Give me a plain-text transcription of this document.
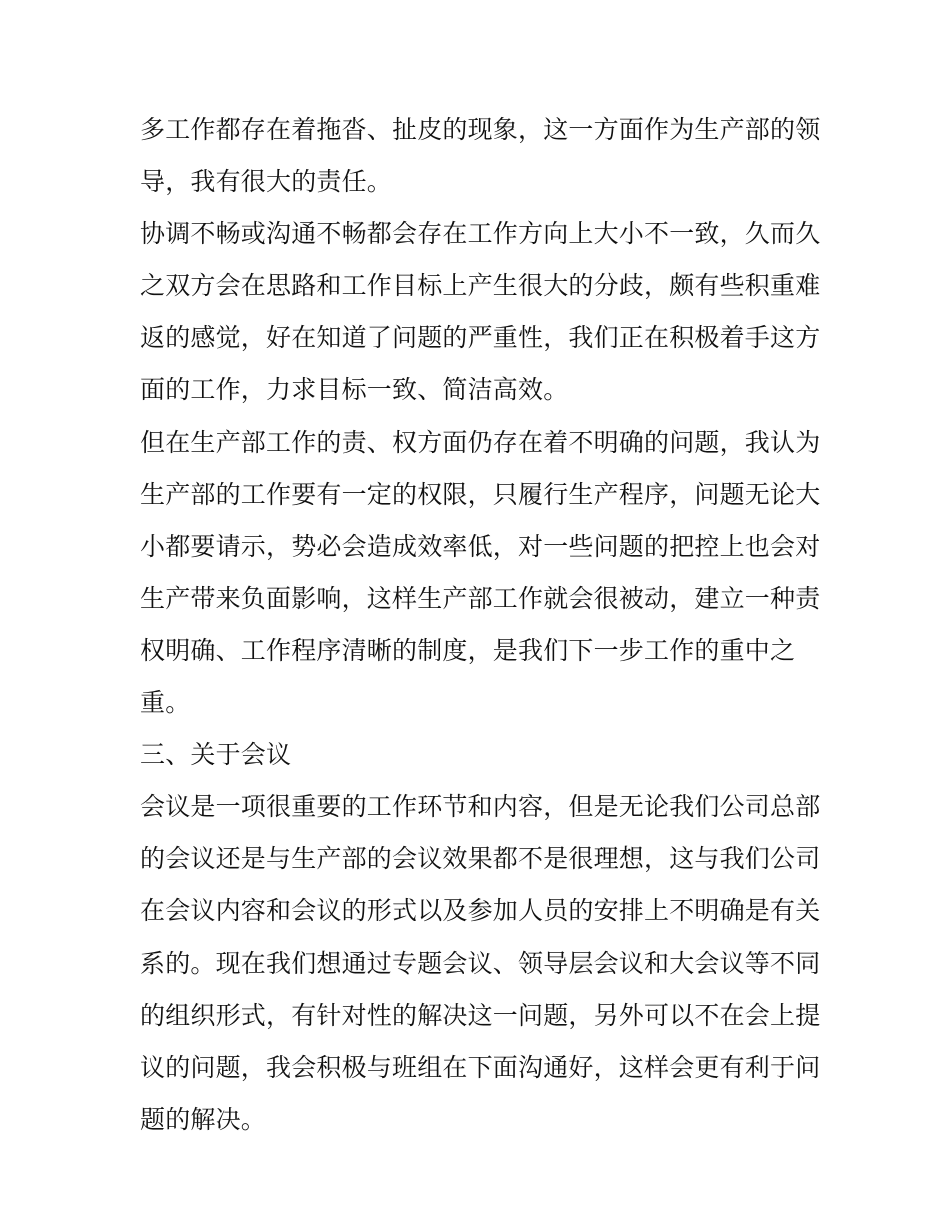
多工作都存在着拖沓、扯皮的现象，这一方面作为生产部的领
导，我有很大的责任。
协调不畅或沟通不畅都会存在工作方向上大小不一致，久而久
之双方会在思路和工作目标上产生很大的分歧，颇有些积重难
返的感觉，好在知道了问题的严重性，我们正在积极着手这方
面的工作，力求目标一致、简洁高效。
但在生产部工作的责、权方面仍存在着不明确的问题，我认为
生产部的工作要有一定的权限，只履行生产程序，问题无论大
小都要请示，势必会造成效率低，对一些问题的把控上也会对
生产带来负面影响，这样生产部工作就会很被动，建立一种责
权明确、工作程序清晰的制度，是我们下一步工作的重中之
重。
三、关于会议
会议是一项很重要的工作环节和内容，但是无论我们公司总部
的会议还是与生产部的会议效果都不是很理想，这与我们公司
在会议内容和会议的形式以及参加人员的安排上不明确是有关
系的。现在我们想通过专题会议、领导层会议和大会议等不同
的组织形式，有针对性的解决这一问题，另外可以不在会上提
议的问题，我会积极与班组在下面沟通好，这样会更有利于问
题的解决。
